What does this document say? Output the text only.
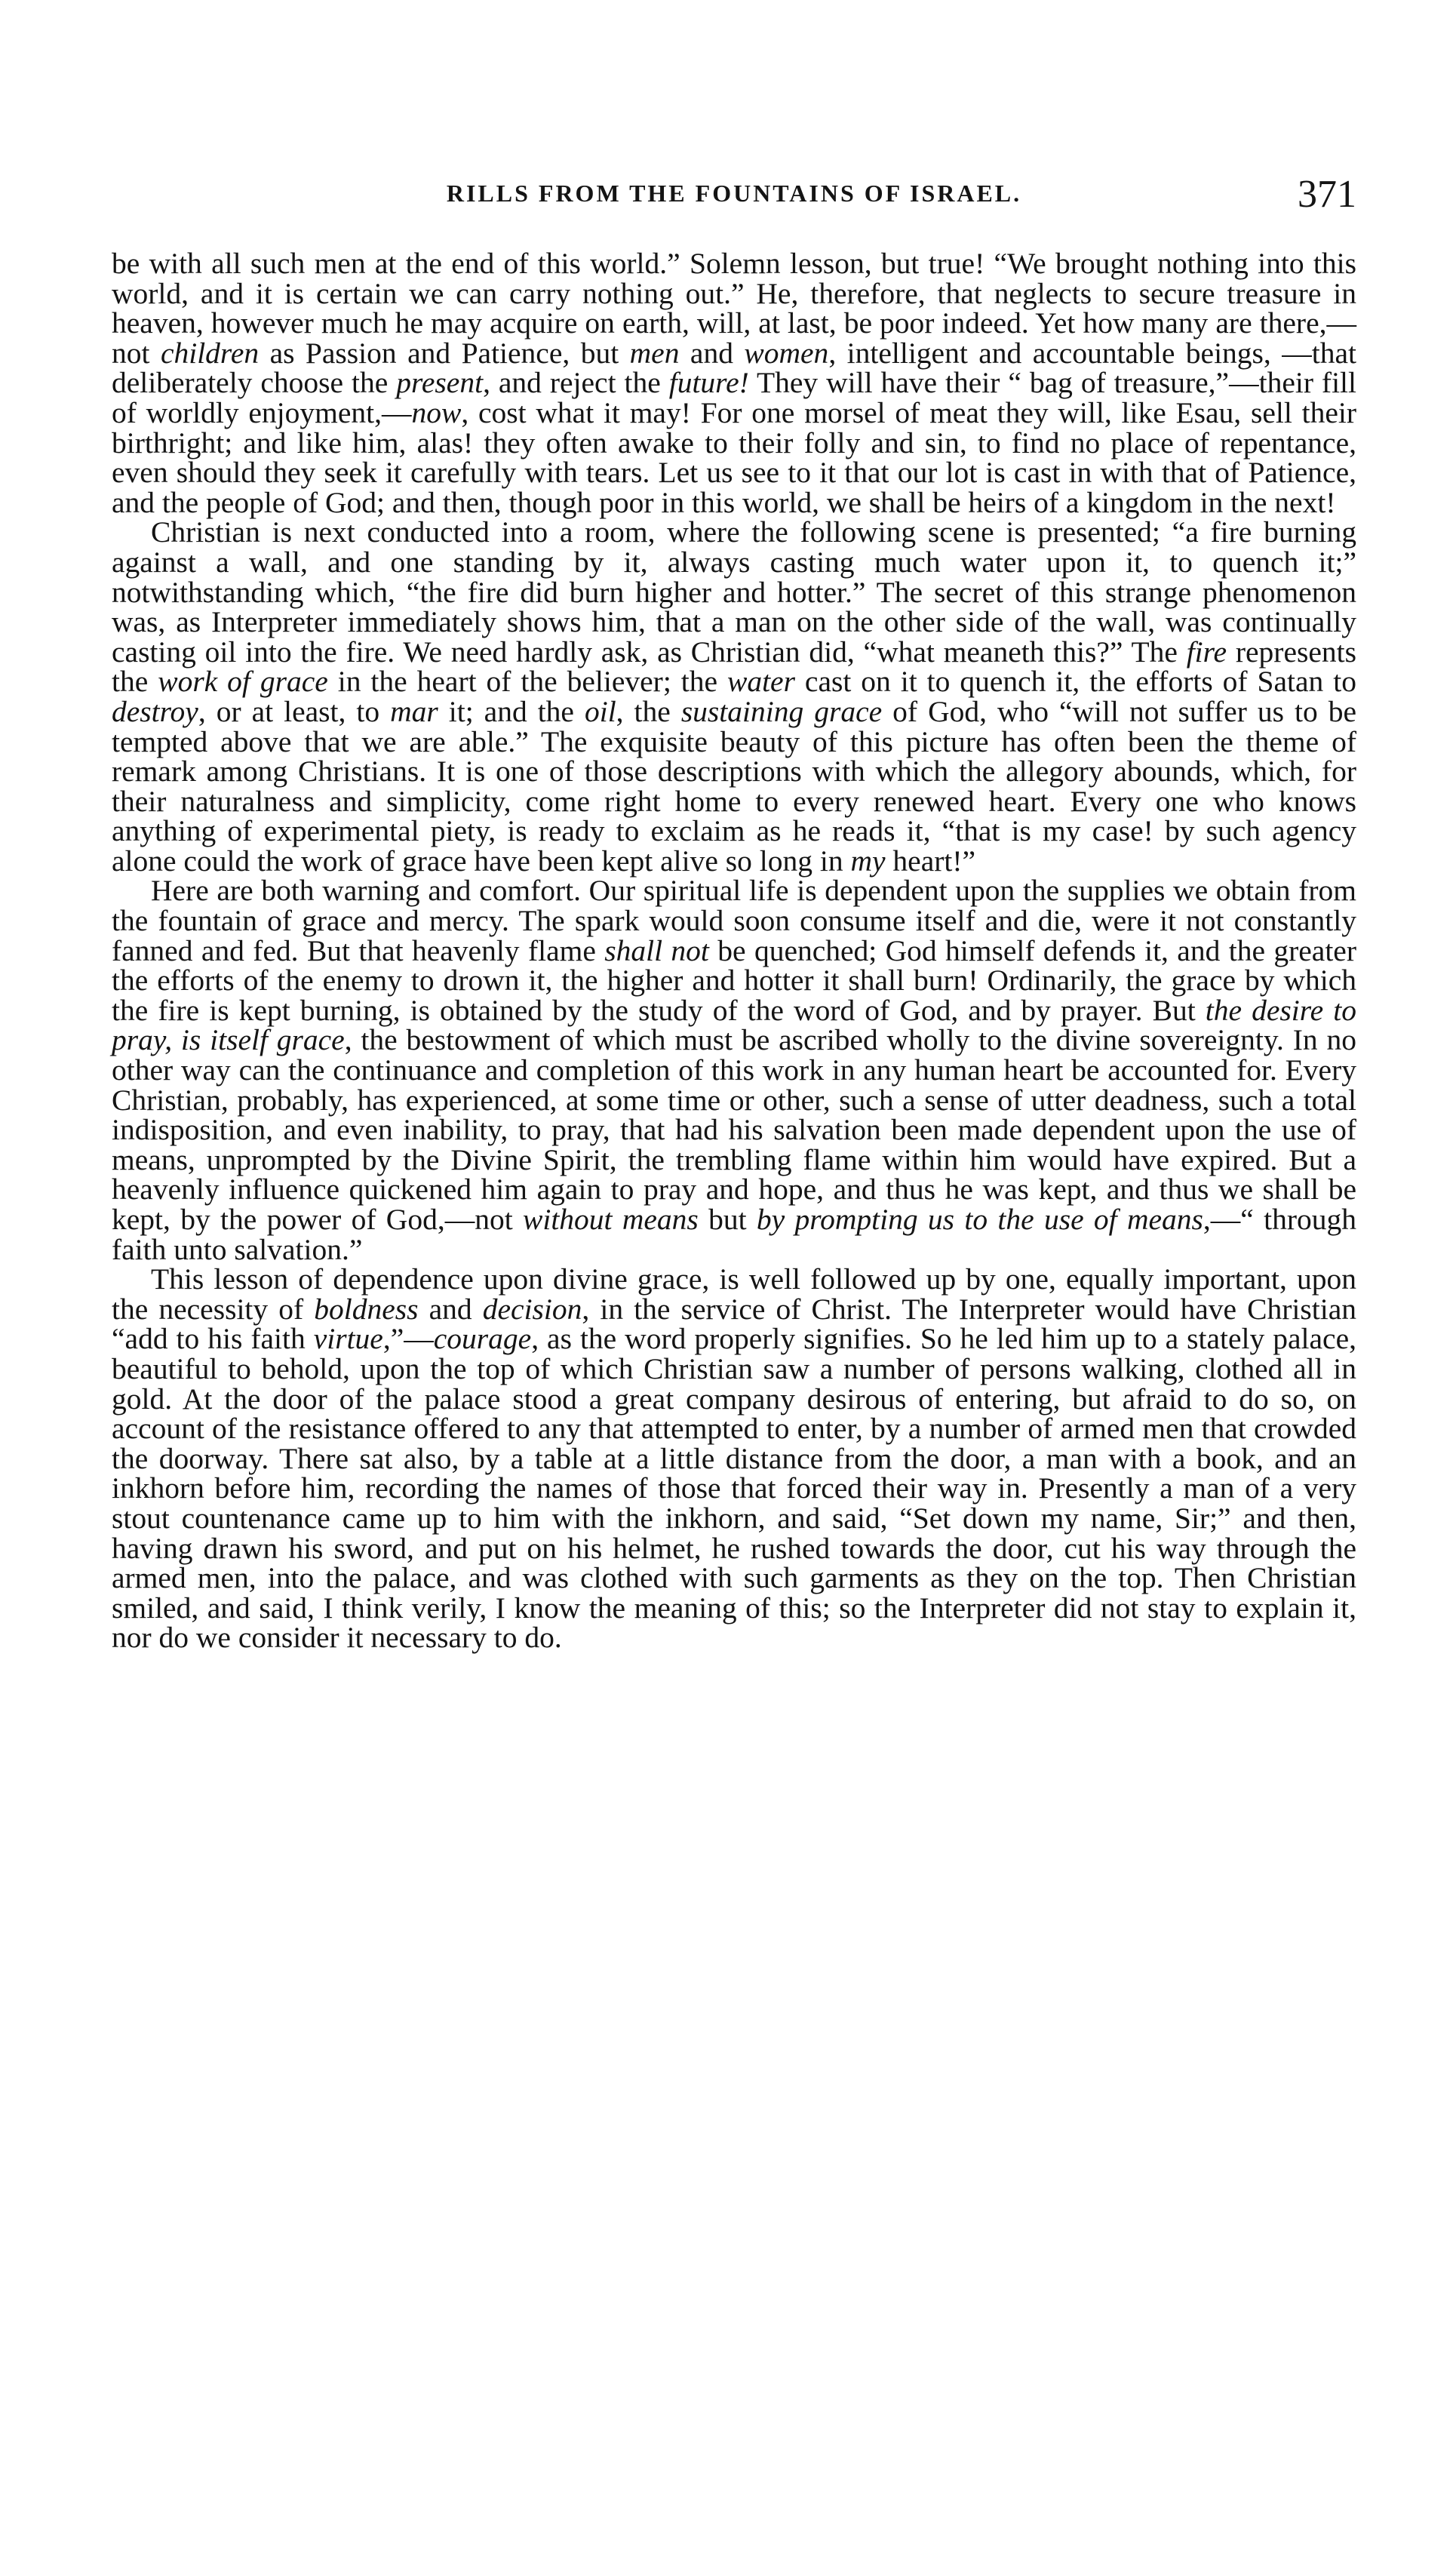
RILLS FROM THE FOUNTAINS OF ISRAEL.	371

be with all such men at the end of this world.” Solemn lesson, but true! “We brought nothing into this world, and it is certain we can carry nothing out.” He, therefore, that neglects to secure treasure in heaven, however much he may acquire on earth, will, at last, be poor indeed. Yet how many are there,—not children as Passion and Patience, but men and women, intelligent and accountable beings, —that deliberately choose the present, and reject the future! They will have their “ bag of treasure,”—their fill of worldly enjoyment,—now, cost what it may! For one morsel of meat they will, like Esau, sell their birthright; and like him, alas! they often awake to their folly and sin, to find no place of repentance, even should they seek it carefully with tears. Let us see to it that our lot is cast in with that of Patience, and the people of God; and then, though poor in this world, we shall be heirs of a kingdom in the next!

Christian is next conducted into a room, where the following scene is presented; “a fire burning against a wall, and one standing by it, always casting much water upon it, to quench it;” notwithstanding which, “the fire did burn higher and hotter.” The secret of this strange phenomenon was, as Interpreter immediately shows him, that a man on the other side of the wall, was continually casting oil into the fire. We need hardly ask, as Christian did, “what meaneth this?” The fire represents the work of grace in the heart of the believer; the water cast on it to quench it, the efforts of Satan to destroy, or at least, to mar it; and the oil, the sustaining grace of God, who “will not suffer us to be tempted above that we are able.” The exquisite beauty of this picture has often been the theme of remark among Christians. It is one of those descriptions with which the allegory abounds, which, for their naturalness and simplicity, come right home to every renewed heart. Every one who knows anything of experimental piety, is ready to exclaim as he reads it, “that is my case! by such agency alone could the work of grace have been kept alive so long in my heart!”

Here are both warning and comfort. Our spiritual life is dependent upon the supplies we obtain from the fountain of grace and mercy. The spark would soon consume itself and die, were it not constantly fanned and fed. But that heavenly flame shall not be quenched; God himself defends it, and the greater the efforts of the enemy to drown it, the higher and hotter it shall burn! Ordinarily, the grace by which the fire is kept burning, is obtained by the study of the word of God, and by prayer. But the desire to pray, is itself grace, the bestowment of which must be ascribed wholly to the divine sovereignty. In no other way can the continuance and completion of this work in any human heart be accounted for. Every Christian, probably, has experienced, at some time or other, such a sense of utter deadness, such a total indisposition, and even inability, to pray, that had his salvation been made dependent upon the use of means, unprompted by the Divine Spirit, the trembling flame within him would have expired. But a heavenly influence quickened him again to pray and hope, and thus he was kept, and thus we shall be kept, by the power of God,—not without means but by prompting us to the use of means,—“ through faith unto salvation.”

This lesson of dependence upon divine grace, is well followed up by one, equally important, upon the necessity of boldness and decision, in the service of Christ. The Interpreter would have Christian “add to his faith virtue,”—courage, as the word properly signifies. So he led him up to a stately palace, beautiful to behold, upon the top of which Christian saw a number of persons walking, clothed all in gold. At the door of the palace stood a great company desirous of entering, but afraid to do so, on account of the resistance offered to any that attempted to enter, by a number of armed men that crowded the doorway. There sat also, by a table at a little distance from the door, a man with a book, and an inkhorn before him, recording the names of those that forced their way in. Presently a man of a very stout countenance came up to him with the inkhorn, and said, “Set down my name, Sir;” and then, having drawn his sword, and put on his helmet, he rushed towards the door, cut his way through the armed men, into the palace, and was clothed with such garments as they on the top. Then Christian smiled, and said, I think verily, I know the meaning of this; so the Interpreter did not stay to explain it, nor do we consider it necessary to do.
